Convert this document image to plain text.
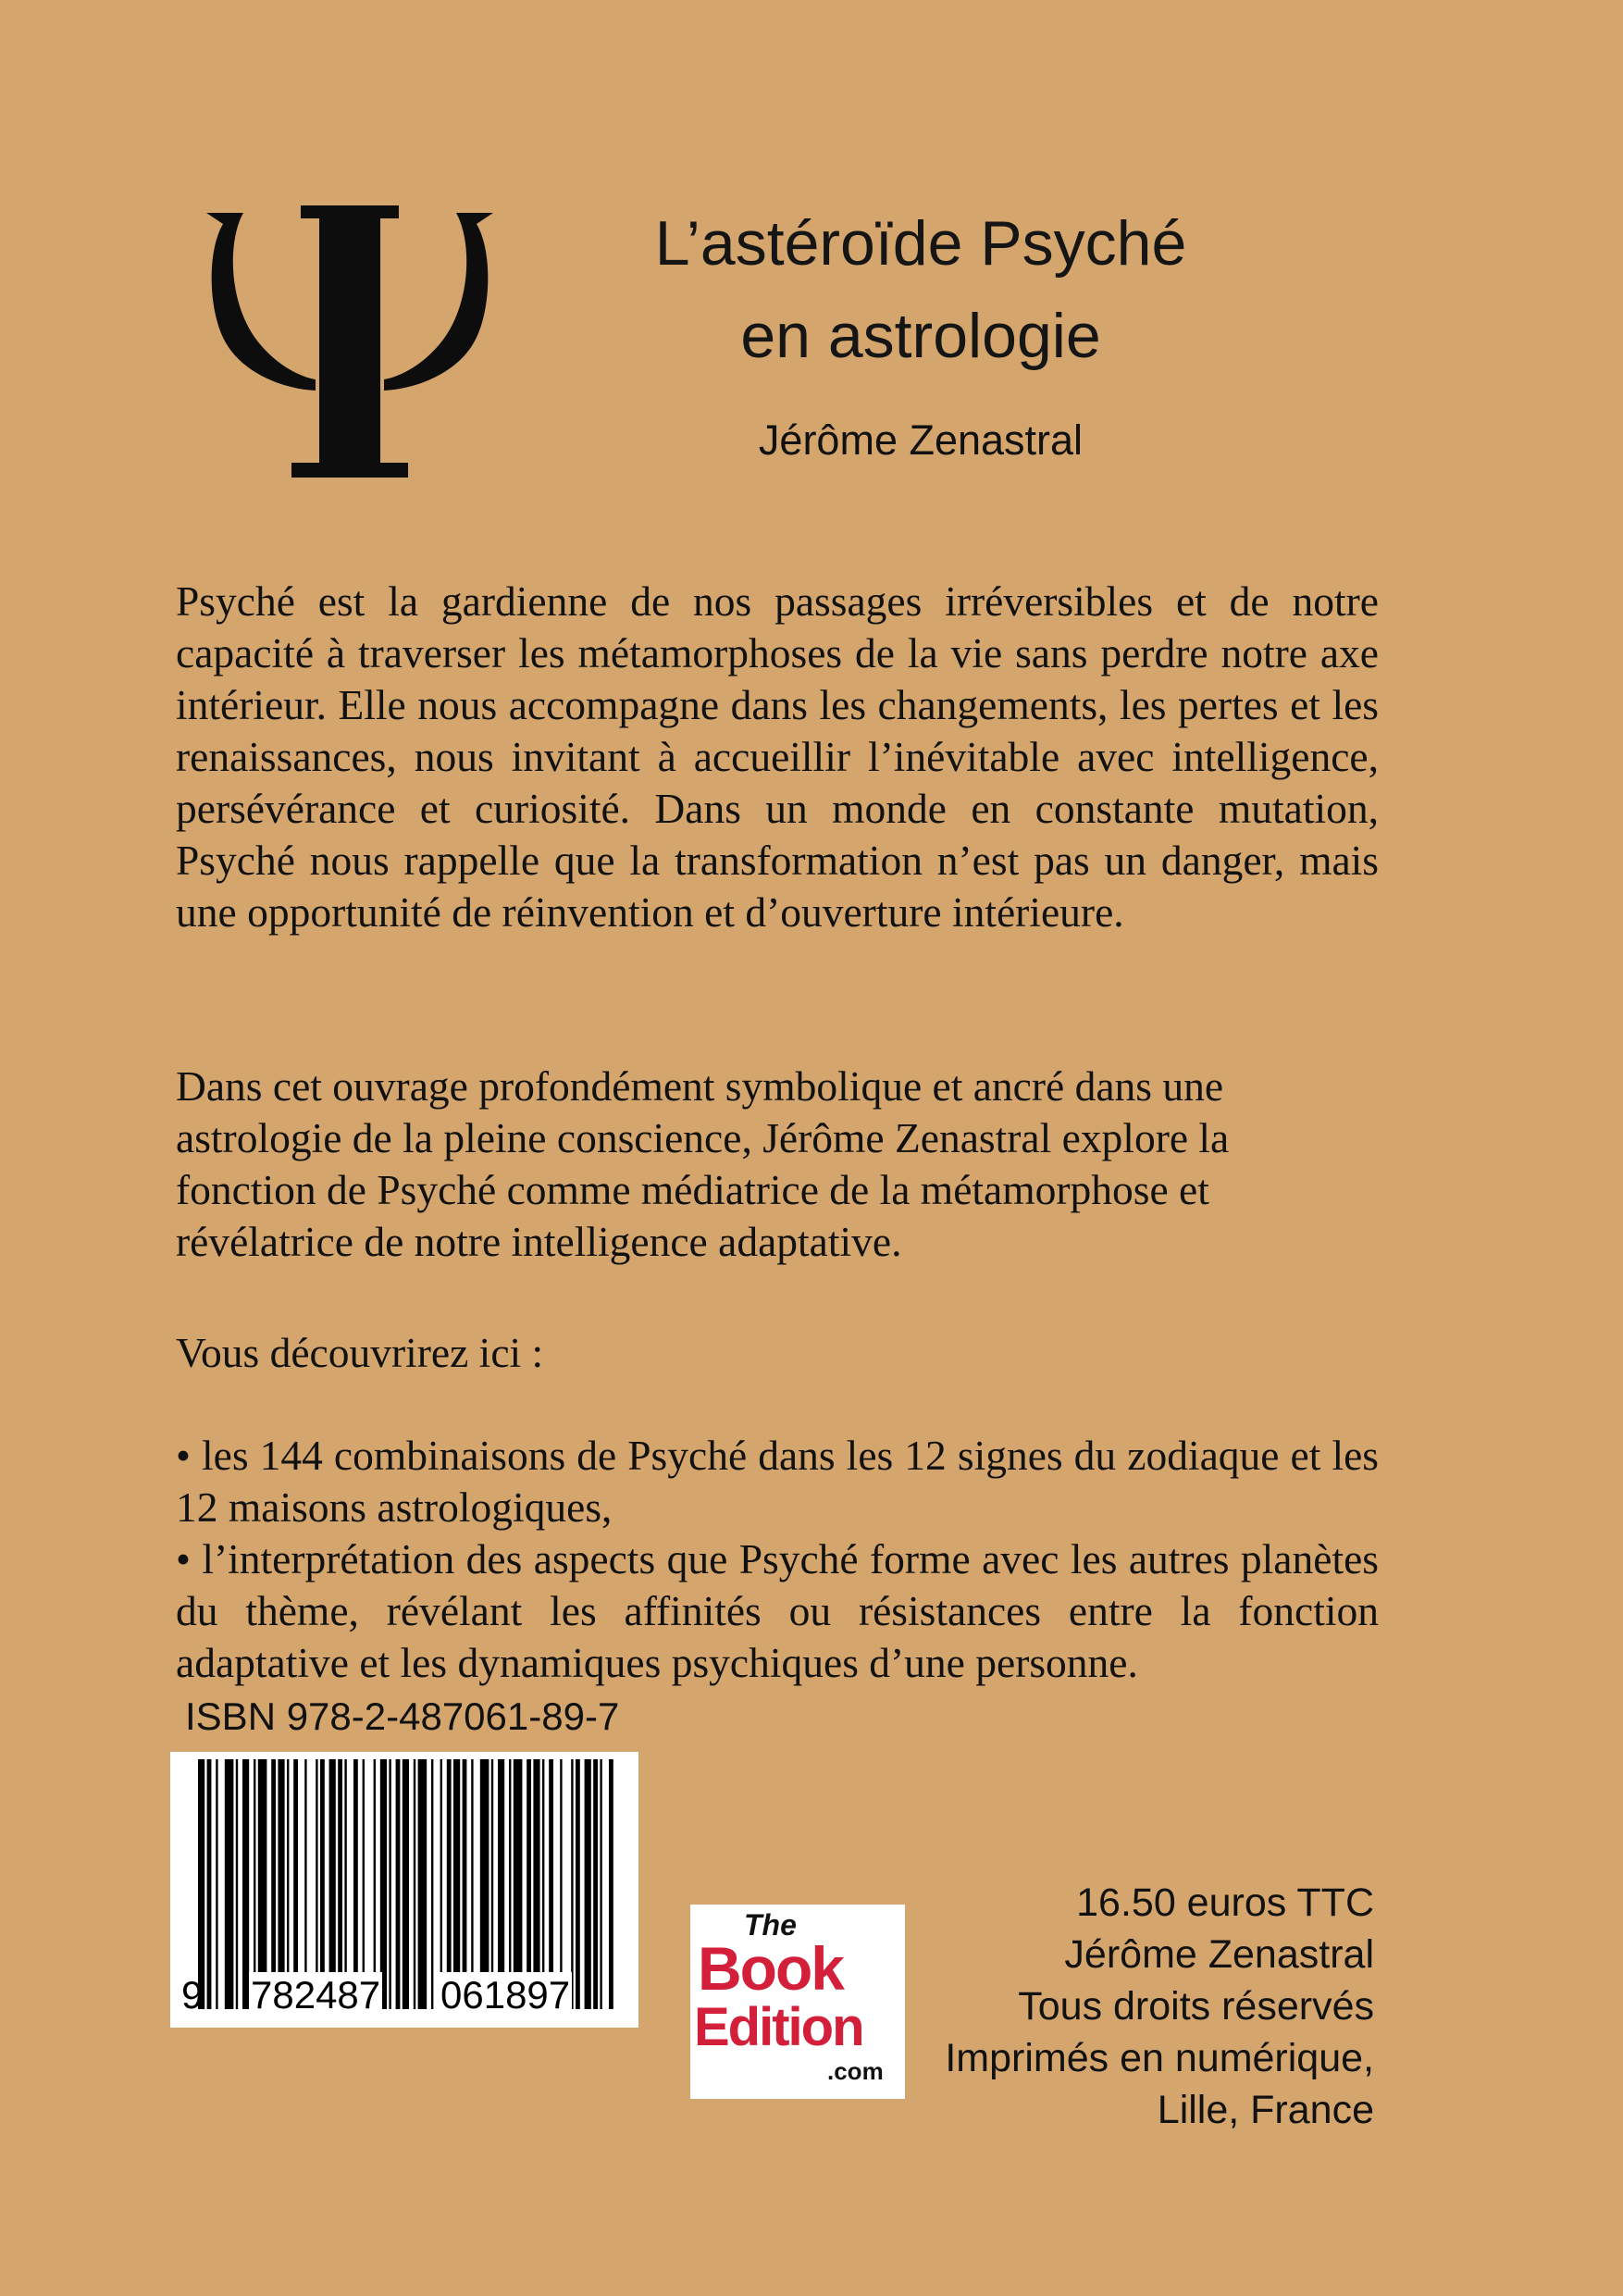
L’astéroïde Psyché
en astrologie
Jérôme Zenastral

Psyché est la gardienne de nos passages irréversibles et de notre capacité à traverser les métamorphoses de la vie sans perdre notre axe intérieur. Elle nous accompagne dans les changements, les pertes et les renaissances, nous invitant à accueillir l’inévitable avec intelligence, persévérance et curiosité. Dans un monde en constante mutation, Psyché nous rappelle que la transformation n’est pas un danger, mais une opportunité de réinvention et d’ouverture intérieure.

Dans cet ouvrage profondément symbolique et ancré dans une astrologie de la pleine conscience, Jérôme Zenastral explore la fonction de Psyché comme médiatrice de la métamorphose et révélatrice de notre intelligence adaptative.

Vous découvrirez ici :

• les 144 combinaisons de Psyché dans les 12 signes du zodiaque et les 12 maisons astrologiques,

• l’interprétation des aspects que Psyché forme avec les autres planètes du thème, révélant les affinités ou résistances entre la fonction adaptative et les dynamiques psychiques d’une personne.

ISBN 978-2-487061-89-7
9 782487 061897
The
Book
Edition
.com
16.50 euros TTC
Jérôme Zenastral
Tous droits réservés
Imprimés en numérique,
Lille, France
